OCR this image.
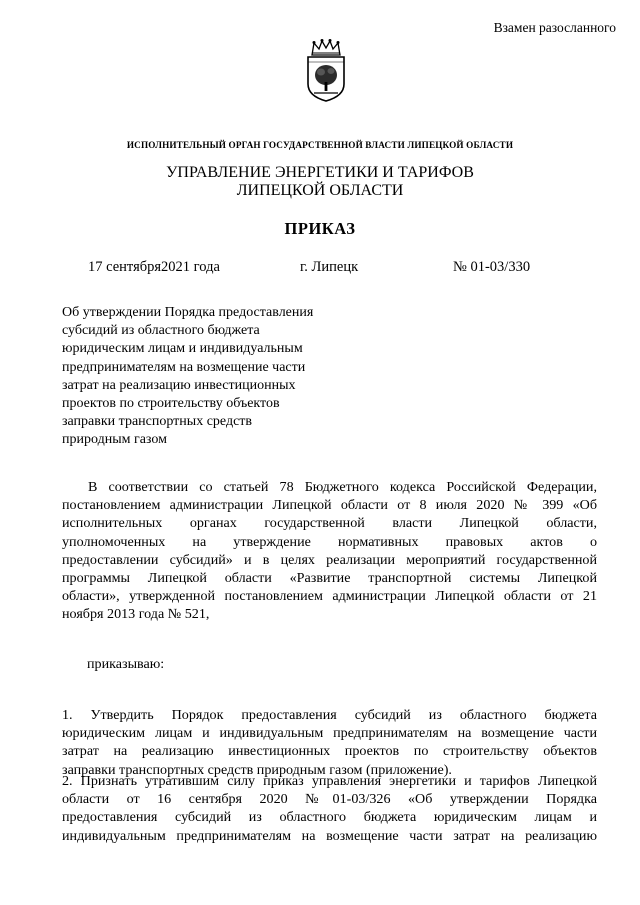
Взамен разосланного
ИСПОЛНИТЕЛЬНЫЙ ОРГАН ГОСУДАРСТВЕННОЙ ВЛАСТИ ЛИПЕЦКОЙ ОБЛАСТИ
УПРАВЛЕНИЕ ЭНЕРГЕТИКИ И ТАРИФОВ
ЛИПЕЦКОЙ ОБЛАСТИ
ПРИКАЗ
17 сентября2021 года	г. Липецк	№ 01-03/330
Об утверждении Порядка предоставления
субсидий из областного бюджета
юридическим лицам и индивидуальным
предпринимателям на возмещение части
затрат на реализацию инвестиционных
проектов по строительству объектов
заправки транспортных средств
природным газом
В соответствии со статьей 78 Бюджетного кодекса Российской Федерации,
постановлением администрации Липецкой области от 8 июля 2020 № 399 «Об
исполнительных органах государственной власти Липецкой области,
уполномоченных на утверждение нормативных правовых актов о
предоставлении субсидий» и в целях реализации мероприятий государственной
программы Липецкой области «Развитие транспортной системы Липецкой
области», утвержденной постановлением администрации Липецкой области от 21
ноября 2013 года № 521,
приказываю:
1. Утвердить Порядок предоставления субсидий из областного бюджета
юридическим лицам и индивидуальным предпринимателям на возмещение части
затрат на реализацию инвестиционных проектов по строительству объектов
заправки транспортных средств природным газом (приложение).
2. Признать утратившим силу приказ управления энергетики и тарифов Липецкой
области от 16 сентября 2020 №01-03/326 «Об утверждении Порядка
предоставления субсидий из областного бюджета юридическим лицам и
индивидуальным предпринимателям на возмещение части затрат на реализацию
